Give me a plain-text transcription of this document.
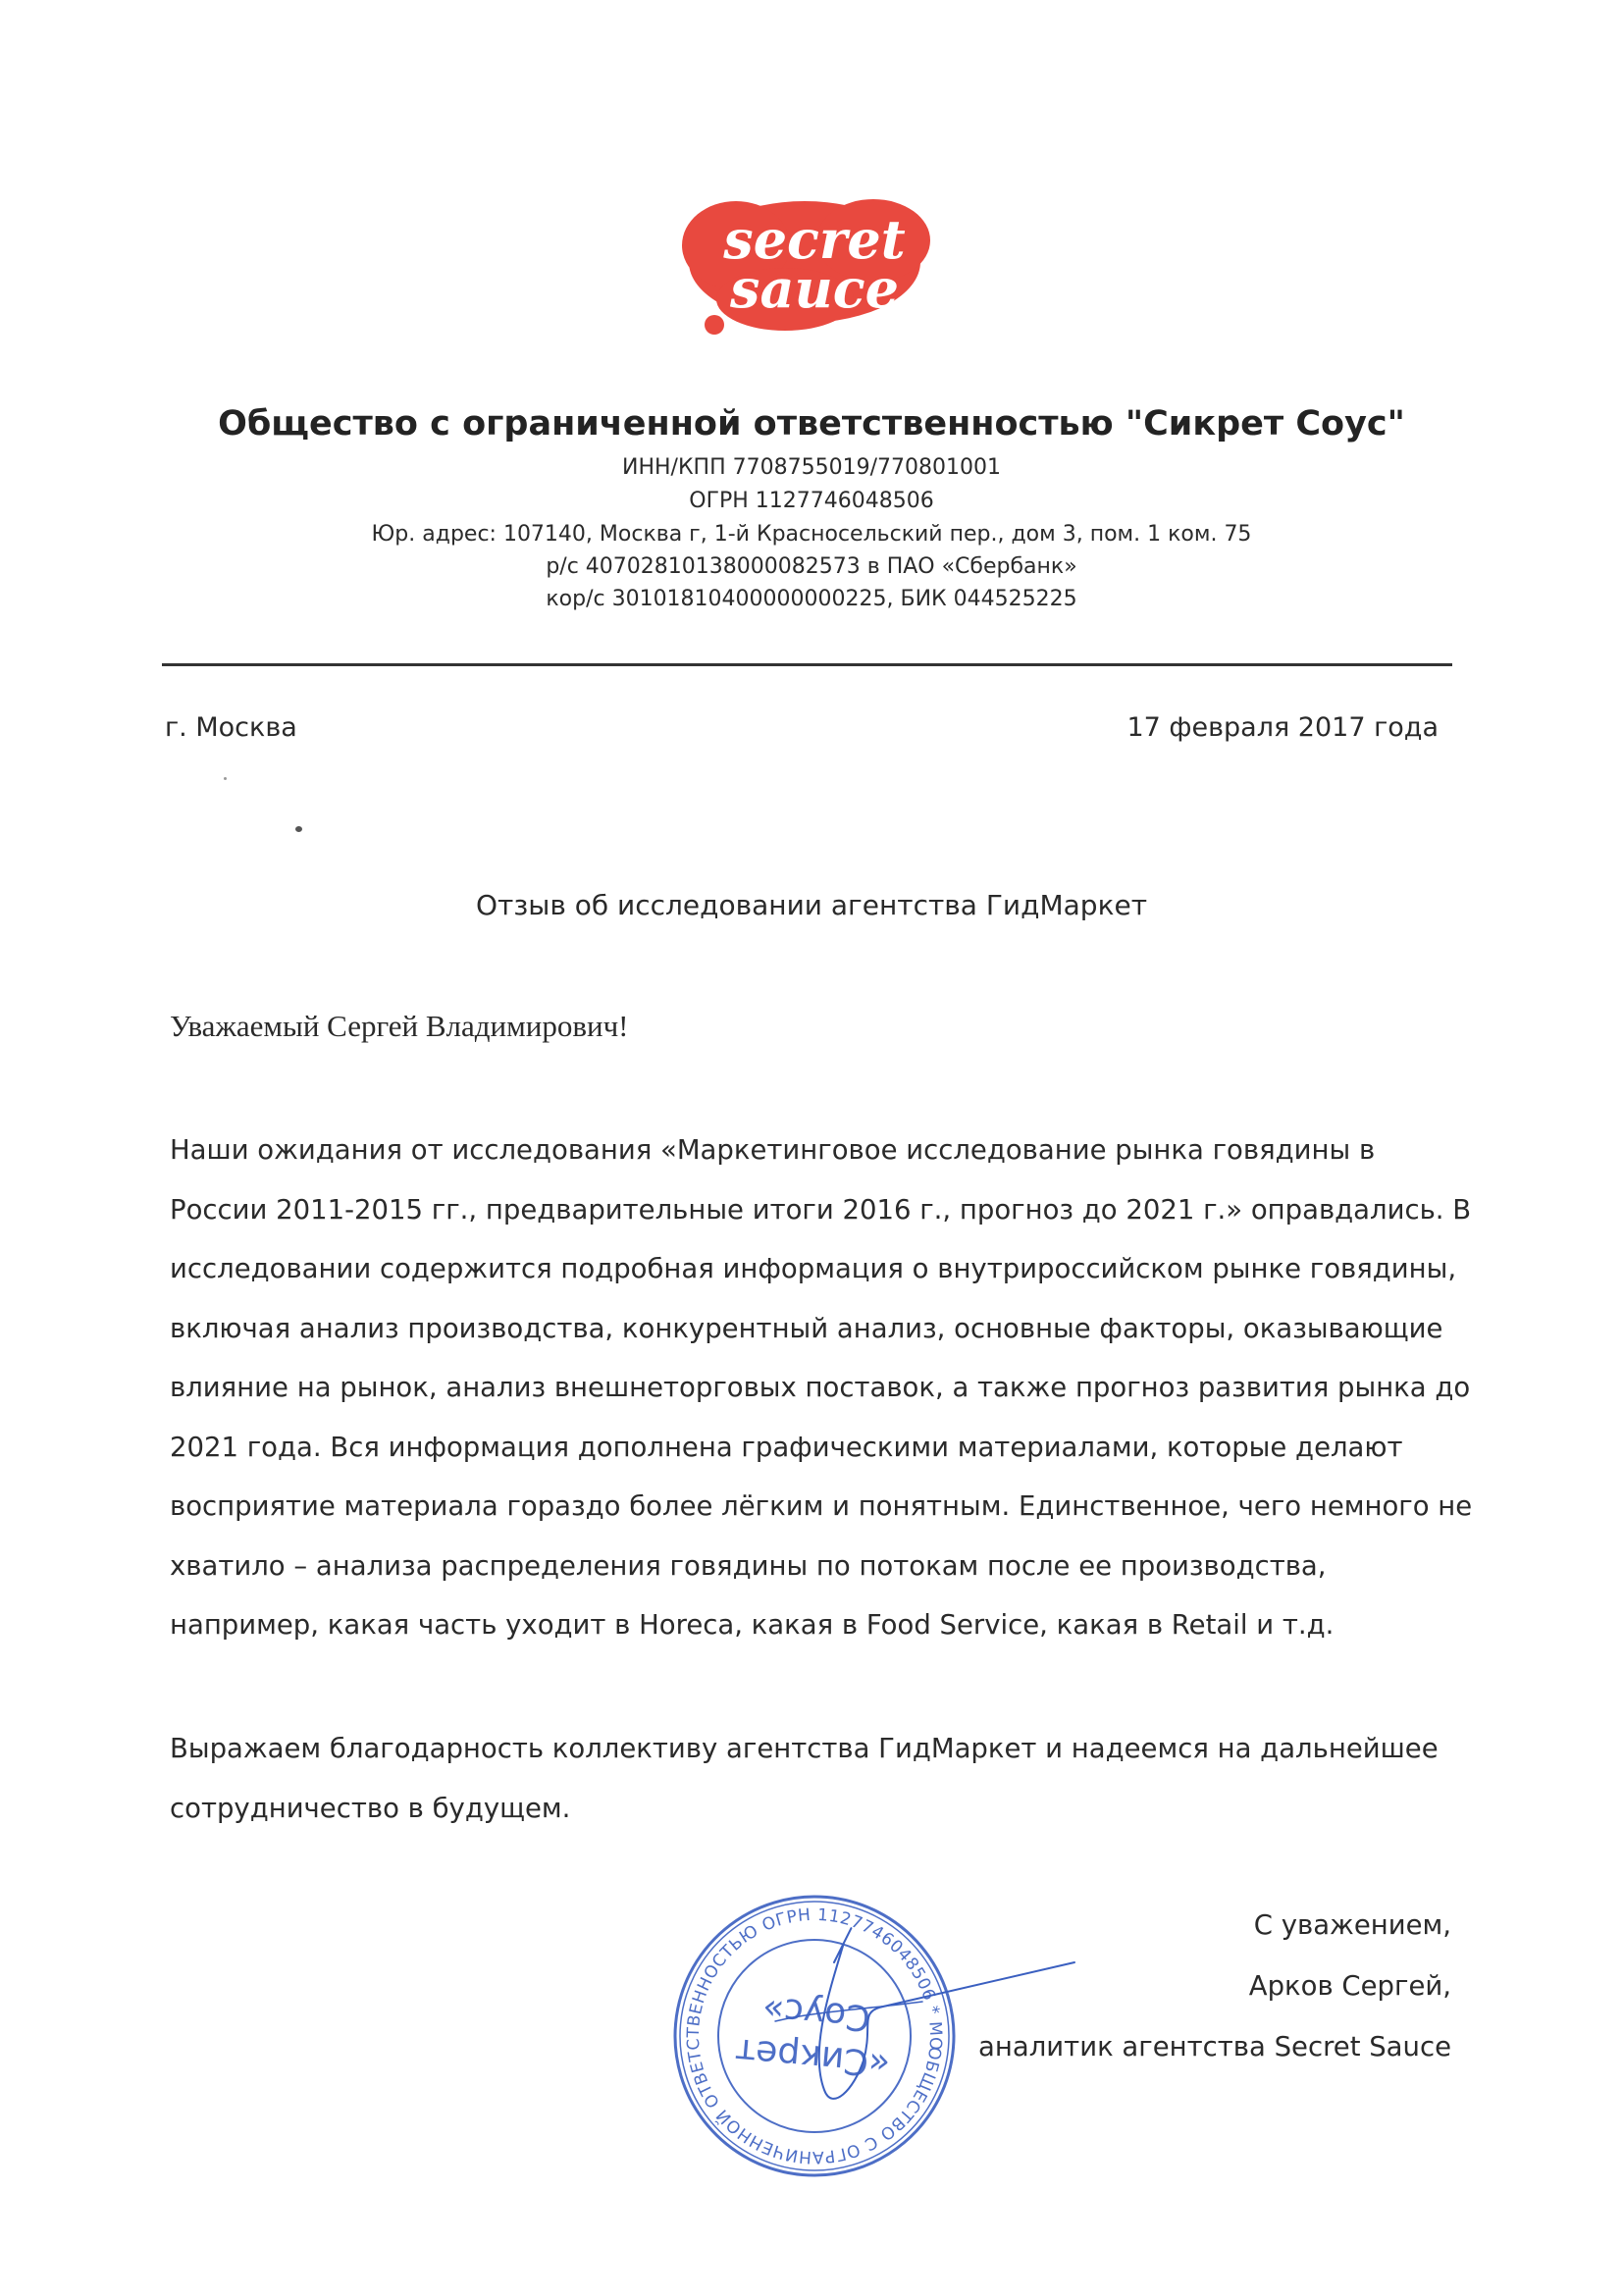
secret
sauce
Общество с ограниченной ответственностью "Сикрет Соус"
ИНН/КПП 7708755019/770801001
ОГРН 1127746048506
Юр. адрес: 107140, Москва г, 1-й Красносельский пер., дом 3, пом. 1 ком. 75
р/с 40702810138000082573 в ПАО «Сбербанк»
кор/с 30101810400000000225, БИК 044525225
г. Москва	17 февраля 2017 года
Отзыв об исследовании агентства ГидМаркет
Уважаемый Сергей Владимирович!

Наши ожидания от исследования «Маркетинговое исследование рынка говядины в
России 2011-2015 гг., предварительные итоги 2016 г., прогноз до 2021 г.» оправдались. В
исследовании содержится подробная информация о внутрироссийском рынке говядины,
включая анализ производства, конкурентный анализ, основные факторы, оказывающие
влияние на рынок, анализ внешнеторговых поставок, а также прогноз развития рынка до
2021 года. Вся информация дополнена графическими материалами, которые делают
восприятие материала гораздо более лёгким и понятным. Единственное, чего немного не
хватило – анализа распределения говядины по потокам после ее производства,
например, какая часть уходит в Horeca, какая в Food Service, какая в Retail и т.д.

Выражаем благодарность коллективу агентства ГидМаркет и надеемся на дальнейшее
сотрудничество в будущем.

ОБЩЕСТВО С ОГРАНИЧЕННОЙ ОТВЕТСТВЕННОСТЬЮ ОГРН 1127746048506 * МОСКВА
«Сикрет
Соус»
С уважением,
Арков Сергей,
аналитик агентства Secret Sauce
